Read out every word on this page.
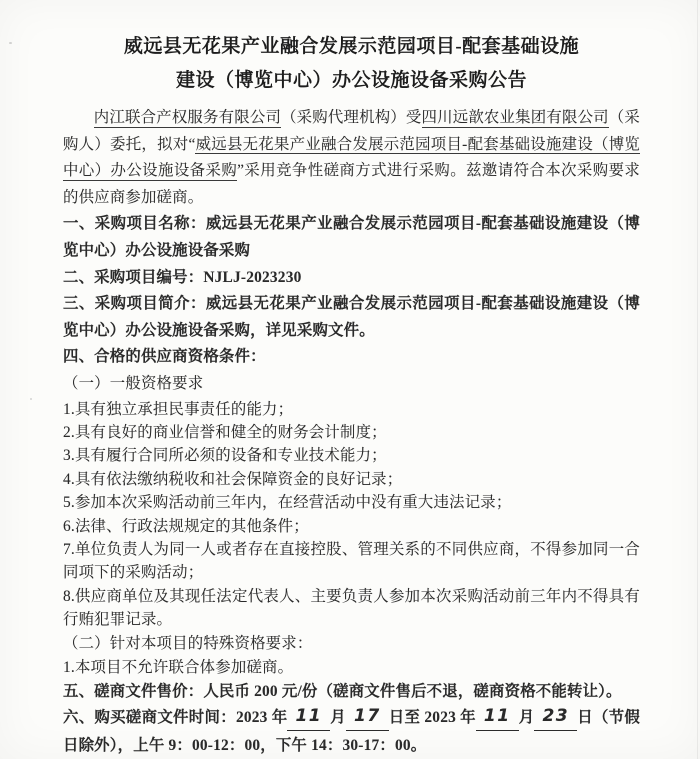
威远县无花果产业融合发展示范园项目-配套基础设施
建设（博览中心）办公设施设备采购公告

内江联合产权服务有限公司（采购代理机构）受四川远歆农业集团有限公司（采购人）委托，拟对“威远县无花果产业融合发展示范园项目-配套基础设施建设（博览中心）办公设施设备采购”采用竞争性磋商方式进行采购。兹邀请符合本次采购要求的供应商参加磋商。

一、采购项目名称：威远县无花果产业融合发展示范园项目-配套基础设施建设（博览中心）办公设施设备采购

二、采购项目编号：NJLJ-2023230

三、采购项目简介：威远县无花果产业融合发展示范园项目-配套基础设施建设（博览中心）办公设施设备采购，详见采购文件。

四、合格的供应商资格条件：

（一）一般资格要求

1.具有独立承担民事责任的能力；

2.具有良好的商业信誉和健全的财务会计制度；

3.具有履行合同所必须的设备和专业技术能力；

4.具有依法缴纳税收和社会保障资金的良好记录；

5.参加本次采购活动前三年内，在经营活动中没有重大违法记录；

6.法律、行政法规规定的其他条件；

7.单位负责人为同一人或者存在直接控股、管理关系的不同供应商，不得参加同一合同项下的采购活动；

8.供应商单位及其现任法定代表人、主要负责人参加本次采购活动前三年内不得具有行贿犯罪记录。

（二）针对本项目的特殊资格要求：

1.本项目不允许联合体参加磋商。

五、磋商文件售价：人民币 200 元/份（磋商文件售后不退，磋商资格不能转让）。

六、购买磋商文件时间：2023 年 11 月 17 日至 2023 年 11 月 23 日（节假日除外），上午 9：00-12：00，下午 14：30-17：00。
